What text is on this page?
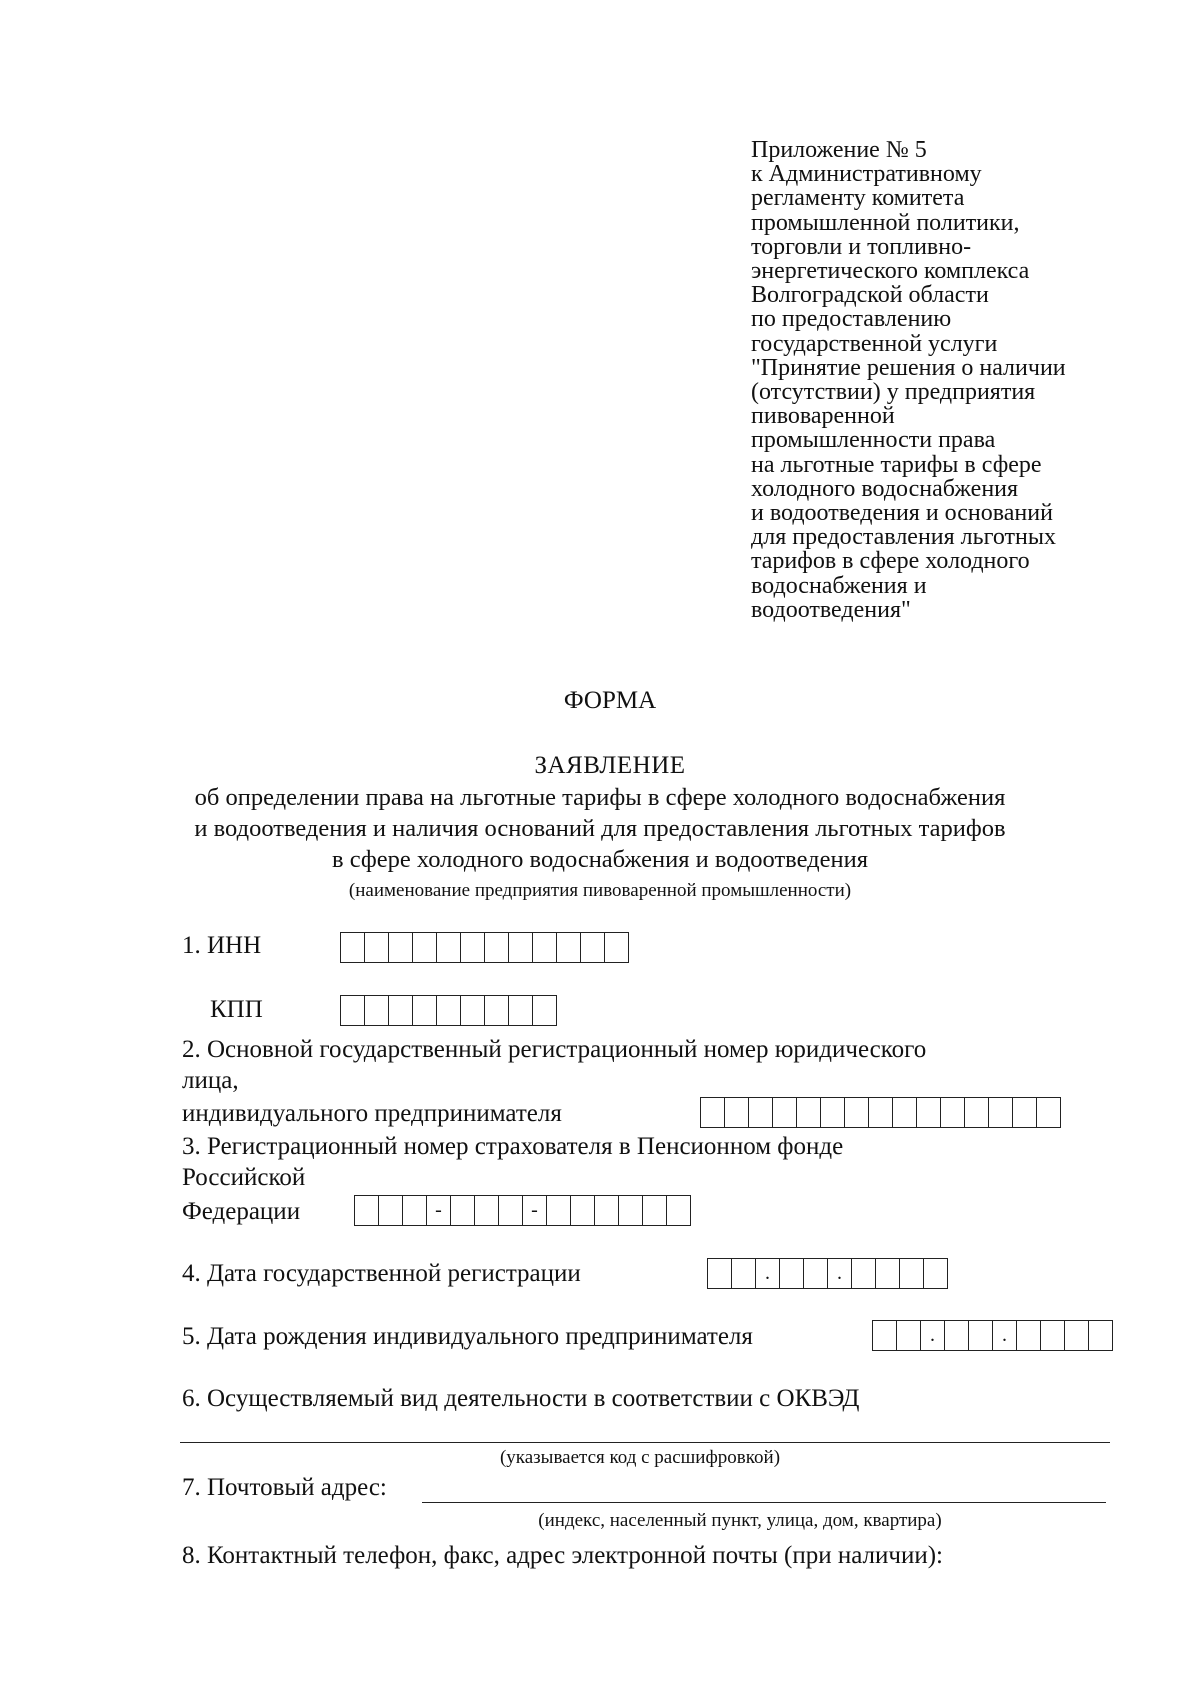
Приложение № 5
к Административному
регламенту комитета
промышленной политики,
торговли и топливно-
энергетического комплекса
Волгоградской области
по предоставлению
государственной услуги
"Принятие решения о наличии
(отсутствии) у предприятия
пивоваренной
промышленности права
на льготные тарифы в сфере
холодного водоснабжения
и водоотведения и оснований
для предоставления льготных
тарифов в сфере холодного
водоснабжения и
водоотведения"
ФОРМА
ЗАЯВЛЕНИЕ
об определении права на льготные тарифы в сфере холодного водоснабжения
и водоотведения и наличия оснований для предоставления льготных тарифов
в сфере холодного водоснабжения и водоотведения
(наименование предприятия пивоваренной промышленности)
1. ИНН
КПП
2. Основной государственный регистрационный номер юридического
лица,
индивидуального предпринимателя
3. Регистрационный номер страхователя в Пенсионном фонде
Российской
Федерации	-	-
4. Дата государственной регистрации	.	.
5. Дата рождения индивидуального предпринимателя	.	.
6. Осуществляемый вид деятельности в соответствии с ОКВЭД
(указывается код с расшифровкой)
7. Почтовый адрес:
(индекс, населенный пункт, улица, дом, квартира)
8. Контактный телефон, факс, адрес электронной почты (при наличии):
